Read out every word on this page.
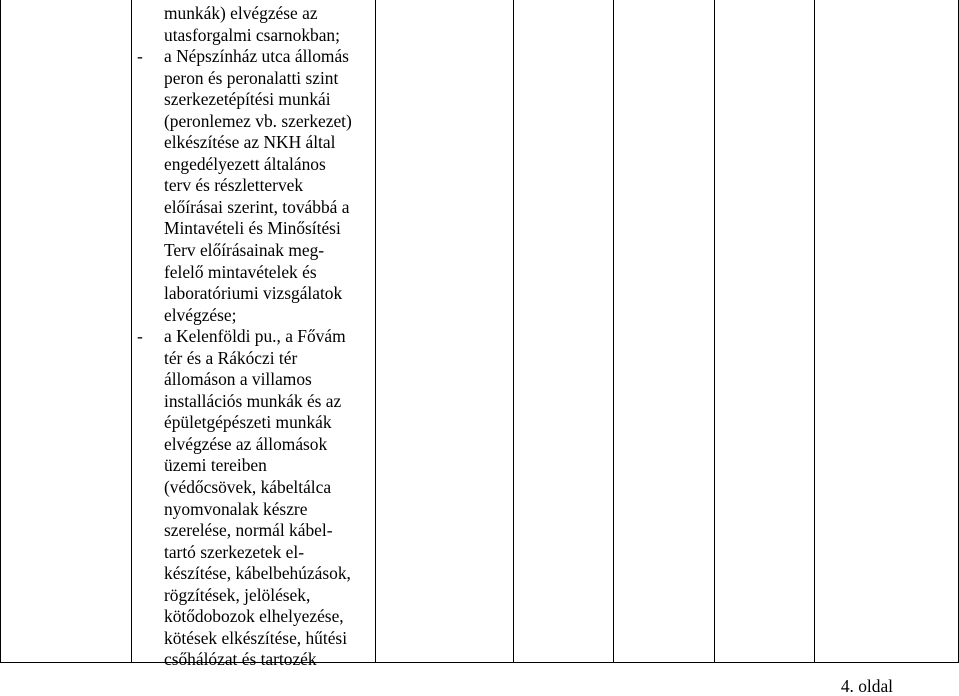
munkák) elvégzése az
utasforgalmi csarnokban;
- a Népszínház utca állomás
peron és peronalatti szint
szerkezetépítési munkái
(peronlemez vb. szerkezet)
elkészítése az NKH által
engedélyezett általános
terv és részlettervek
előírásai szerint, továbbá a
Mintavételi és Minősítési
Terv előírásainak meg-
felelő mintavételek és
laboratóriumi vizsgálatok
elvégzése;
- a Kelenföldi pu., a Fővám
tér és a Rákóczi tér
állomáson a villamos
installációs munkák és az
épületgépészeti munkák
elvégzése az állomások
üzemi tereiben
(védőcsövek, kábeltálca
nyomvonalak készre
szerelése, normál kábel-
tartó szerkezetek el-
készítése, kábelbehúzások,
rögzítések, jelölések,
kötődobozok elhelyezése,
kötések elkészítése, hűtési
csőhálózat és tartozék
4. oldal
